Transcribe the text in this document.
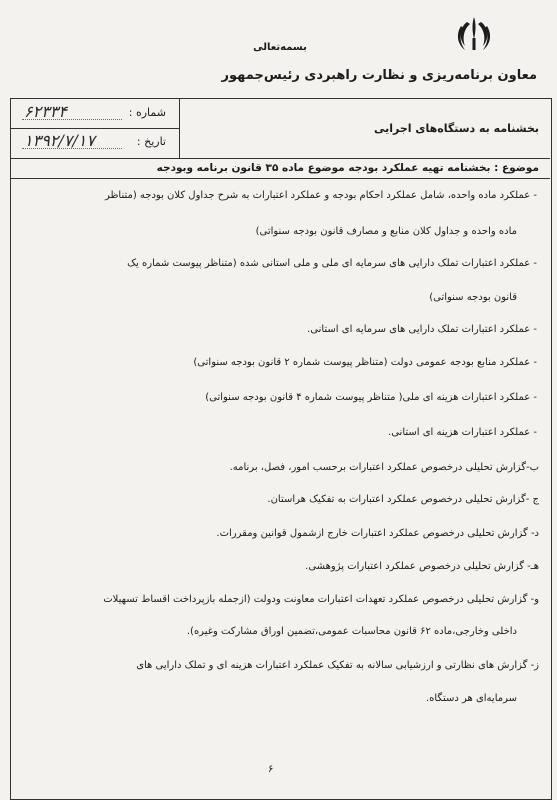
بسمه‌تعالی
معاون برنامه‌ریزی و نظارت راهبردی رئیس‌جمهور
شماره :
۶۲۳۳۴
تاریخ :
۱۳۹۲/۷/۱۷
بخشنامه به دستگاه‌های اجرایی
موضوع : بخشنامه تهیه عملکرد بودجه موضوع ماده ۳۵ قانون برنامه وبودجه
- عملکرد ماده واحده، شامل عملکرد احکام بودجه و عملکرد اعتبارات به شرح جداول کلان بودجه (متناظر
ماده واحده و جداول کلان منابع و مصارف قانون بودجه سنواتی)
- عملکرد اعتبارات تملک دارایی های سرمایه ای ملی و ملی استانی شده (متناظر پیوست شماره یک
قانون بودجه سنواتی)
- عملکرد اعتبارات تملک دارایی های سرمایه ای استانی.
- عملکرد منابع بودجه عمومی دولت (متناظر پیوست شماره ۲ قانون بودجه سنواتی)
- عملکرد اعتبارات هزینه ای ملی( متناظر پیوست شماره ۴ قانون بودجه سنواتی)
- عملکرد اعتبارات هزینه ای استانی.
ب-گزارش تحلیلی درخصوص عملکرد اعتبارات برحسب امور، فصل، برنامه.
ج -گزارش تحلیلی درخصوص عملکرد اعتبارات به تفکیک هراستان.
د- گزارش تحلیلی درخصوص عملکرد اعتبارات خارج ازشمول قوانین ومقررات.
هـ- گزارش تحلیلی درخصوص عملکرد اعتبارات پژوهشی.
و- گزارش تحلیلی درخصوص عملکرد تعهدات اعتبارات معاونت ودولت (ازجمله بازپرداخت اقساط تسهیلات
داخلی وخارجی،ماده ۶۲ قانون محاسبات عمومی،تضمین اوراق مشارکت وغیره).
ز- گزارش های نظارتی و ارزشیابی سالانه به تفکیک عملکرد اعتبارات هزینه ای و تملک دارایی های
سرمایه‌ای هر دستگاه.
۶
